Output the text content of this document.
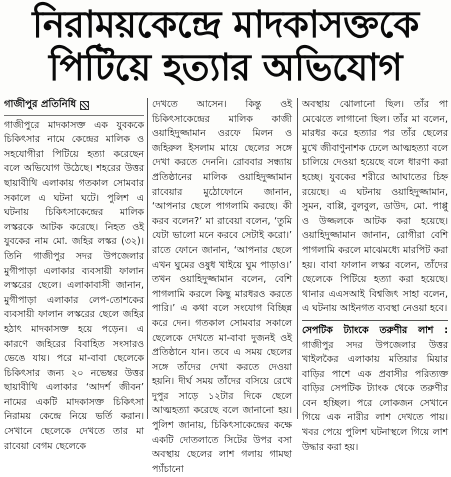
নিরাময়কেন্দ্রে মাদকাসক্তকে
পিটিয়ে হত্যার অভিযোগ
গাজীপুর প্রতিনিধি

গাজীপুরে মাদকাসক্ত এক যুবককে চিকিৎসার নামে কেন্দ্রের মালিক ও সহযোগীরা পিটিয়ে হত্যা করেছেন বলে অভিযোগ উঠেছে। শহরের উত্তর ছায়াবীথি এলাকায় গতকাল সোমবার সকালে এ ঘটনা ঘটে। পুলিশ এ ঘটনায় চিকিৎসাকেন্দ্রের মালিক লস্করকে আটক করেছে। নিহত ওই যুবকের নাম মো. জহির লস্কর (৩২)। তিনি গাজীপুর সদর উপজেলার মুগীপাড়া এলাকার ব্যবসায়ী ফালান লস্করের ছেলে। এলাকাবাসী জানান, মুগীপাড়া এলাকার লেপ-তোশকের ব্যবসায়ী ফালান লস্করের ছেলে জহির হঠাৎ মাদকাসক্ত হয়ে পড়েন। এ কারণে জহিরের বিবাহিত সংসারও ভেঙে যায়। পরে মা-বাবা ছেলেকে চিকিৎসার জন্য ২০ নভেম্বর উত্তর ছায়াবীথি এলাকার ‘আদর্শ জীবন’ নামের একটি মাদকাসক্ত চিকিৎসা নিরাময় কেন্দ্রে নিয়ে ভর্তি করান। সেখানে ছেলেকে দেখতে তার মা রাবেয়া বেগম ছেলেকে

দেখতে আসেন। কিন্তু ওই চিকিৎসাকেন্দ্রের মালিক কাজী ওয়াহিদুজ্জামান ওরফে মিলন ও জহিরুল ইসলাম মায়ে ছেলের সঙ্গে দেখা করতে দেননি। রোববার সন্ধ্যায় প্রতিষ্ঠানের মালিক ওয়াহিদুজ্জামান রাবেয়ার মুঠোফোনে জানান, ‘আপনার ছেলে পাগলামি করছে। কী করব বলেন?’ মা রাবেয়া বলেন, ‘তুমি যেটা ভালো মনে করবে সেটাই করো।’ রাতে ফোনে জানান, ‘আপনার ছেলে এখন ঘুমের ওষুধ খাইয়ে ঘুম পাড়াও।’ তখন ওয়াহিদুজ্জামান বলেন, বেশি পাগলামি করলে কিছু মারধরও করতে পারি।’ এ কথা বলে সংযোগ বিচ্ছিন্ন করে দেন। গতকাল সোমবার সকালে ছেলেকে দেখতে মা-বাবা দুজনই ওই প্রতিষ্ঠানে যান। তবে এ সময় ছেলের সঙ্গে তাঁদের দেখা করতে দেওয়া হয়নি। দীর্ঘ সময় তাঁদের বসিয়ে রেখে দুপুর সাড়ে ১২টার দিকে ছেলে আত্মহত্যা করেছে বলে জানানো হয়। পুলিশ জানায়, চিকিৎসাকেন্দ্রের কক্ষে একটি দোতলাতে সিটের উপর বসা অবস্থায় ছেলের লাশ গলায় গামছা প্যাঁচানো

অবস্থায় ঝোলানো ছিল। তাঁর পা মেঝেতে লাগানো ছিল। তাঁর মা বলেন, মারধর করে হত্যার পর তাঁর ছেলের মুখে জীবাণুনাশক ঢেলে আত্মহত্যা বলে চালিয়ে দেওয়া হয়েছে বলে ধারণা করা হচ্ছে। যুবকের শরীরে আঘাতের চিহ্ন রয়েছে। এ ঘটনায় ওয়াহিদুজ্জামান, সুমন, বাপ্পি, বুলবুল, ডাউদ, মো. পাপ্পু ও উজ্জলকে আটক করা হয়েছে। ওয়াহিদুজ্জামান জানান, রোগীরা বেশি পাগলামি করলে মাঝেমধ্যে মারপিট করা হয়। বাবা ফালান লস্কর বলেন, তাঁদের ছেলেকে পিটিয়ে হত্যা করা হয়েছে। থানার এএসআই বিশ্বজিৎ সাহা বলেন, এ ঘটনায় আইনগত ব্যবস্থা নেওয়া হবে।

সেপটিক ট্যাংকে তরুণীর লাশ : গাজীপুর সদর উপজেলার উত্তর খাইলকৈর এলাকায় মতিয়ার মিয়ার বাড়ির পাশে এক প্রবাসীর পরিত্যক্ত বাড়ির সেপটিক ট্যাংক থেকে তরুণীর বেন হচ্ছিল। পরে লোকজন সেখানে গিয়ে এক নারীর লাশ দেখতে পায়। খবর পেয়ে পুলিশ ঘটনাস্থলে গিয়ে লাশ উদ্ধার করা হয়।
